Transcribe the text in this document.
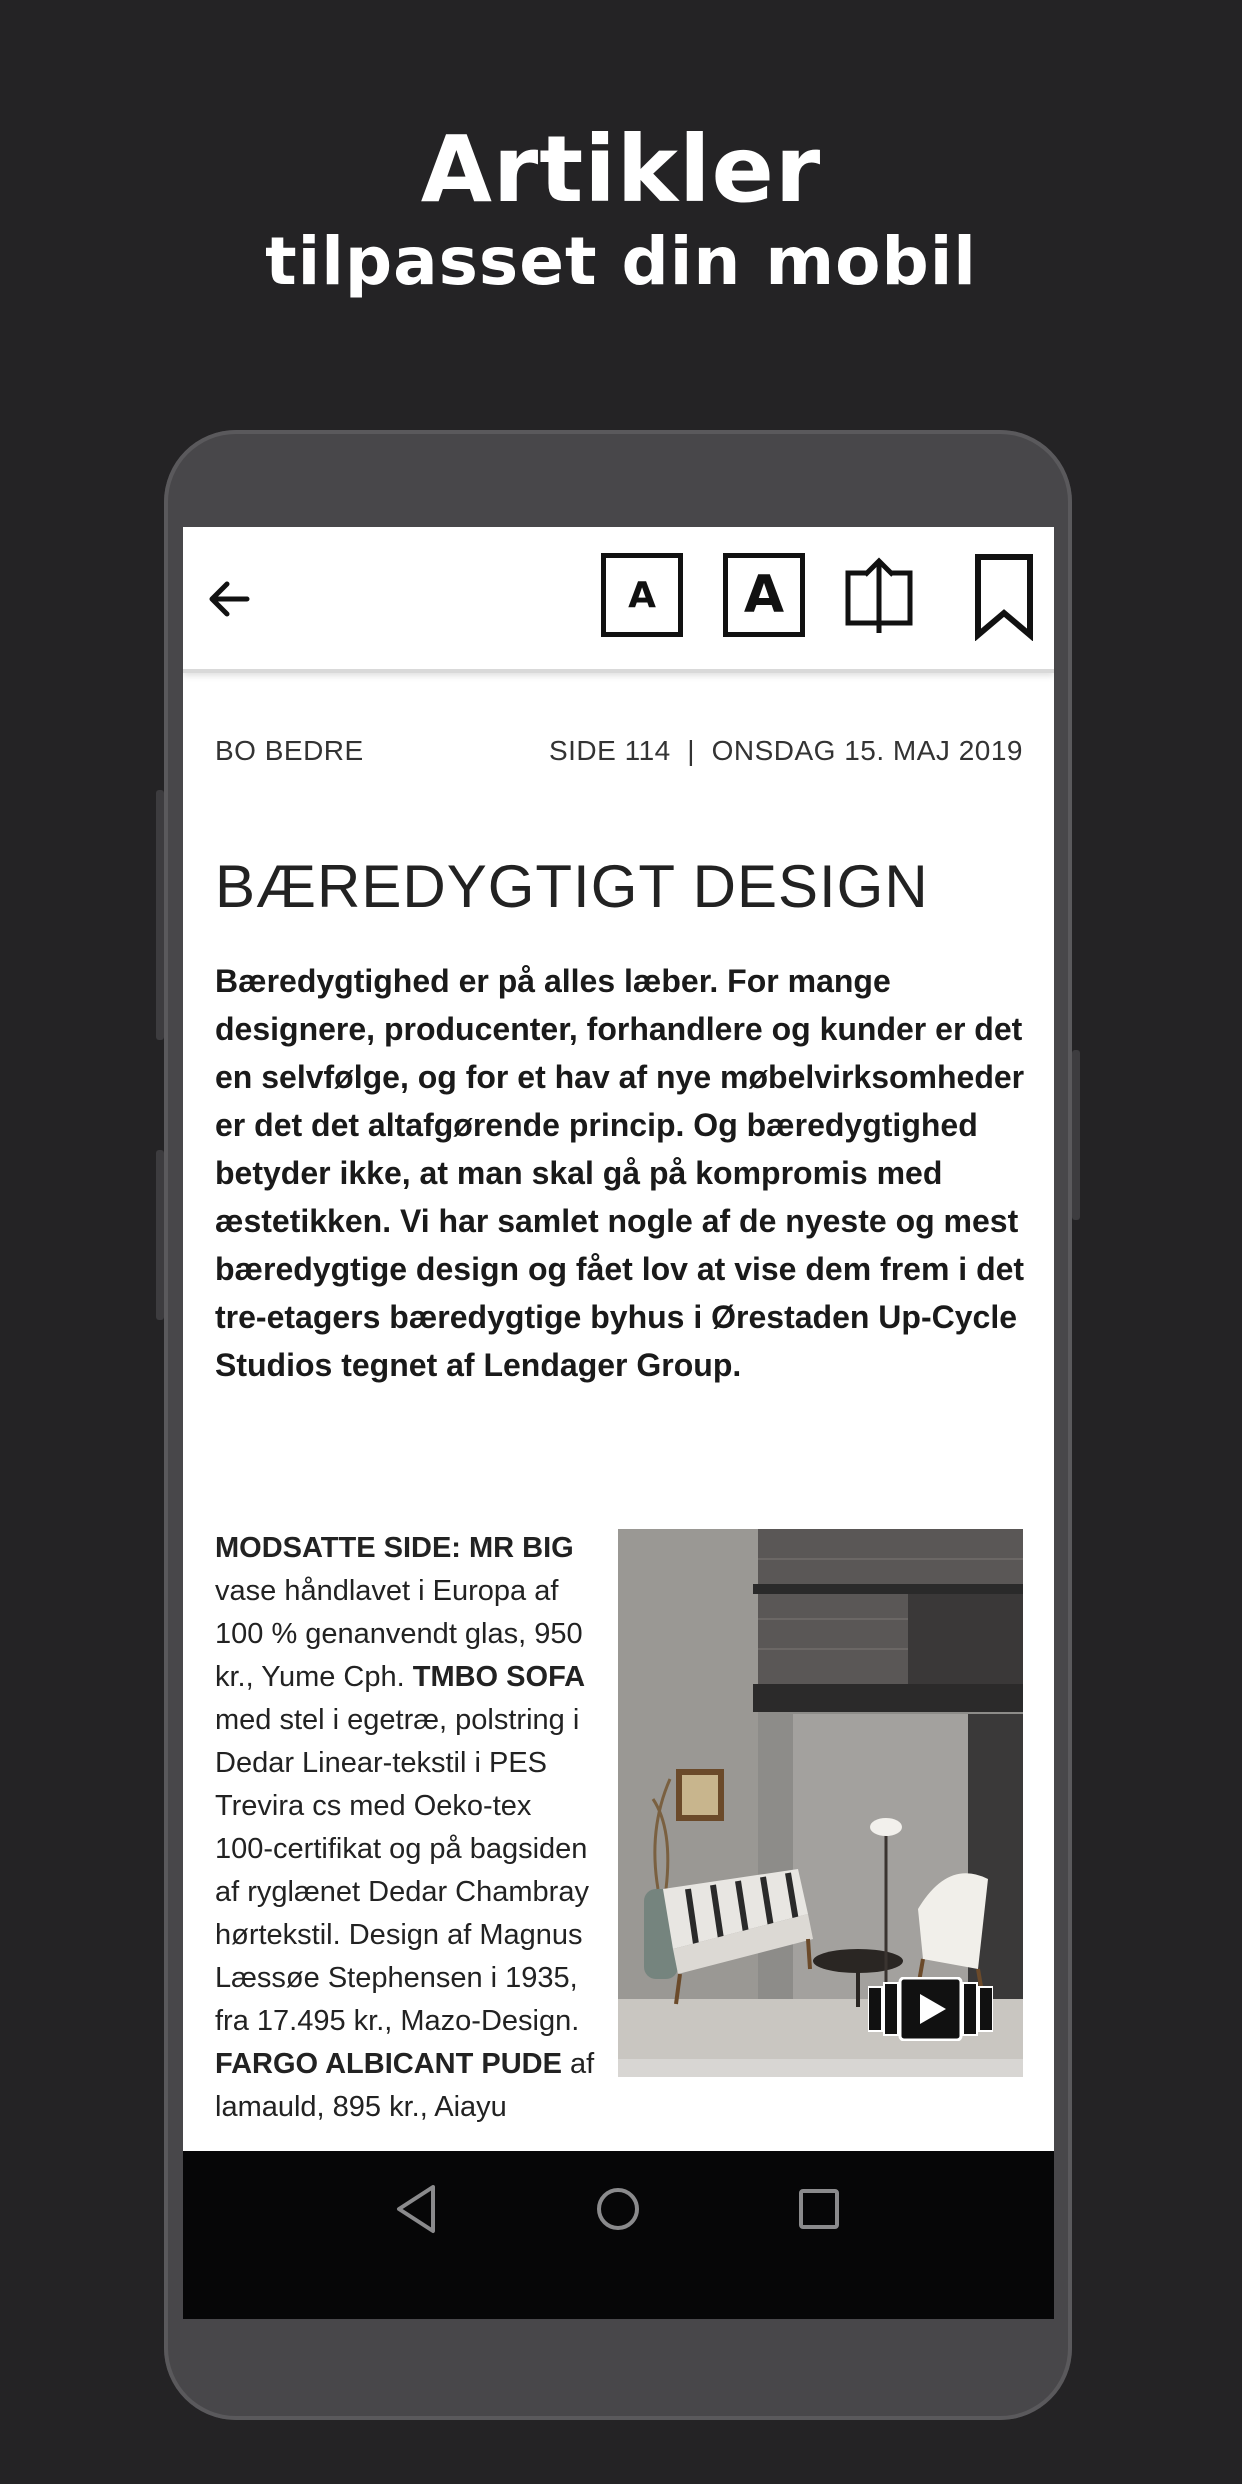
Artikler
tilpasset din mobil
A A
BO BEDRE	SIDE 114  |  ONSDAG 15. MAJ 2019
BÆREDYGTIGT DESIGN
Bæredygtighed er på alles læber. For mange designere, producenter, forhandlere og kunder er det en selvfølge, og for et hav af nye møbelvirksomheder er det det altafgørende princip. Og bæredygtighed betyder ikke, at man skal gå på kompromis med æstetikken. Vi har samlet nogle af de nyeste og mest bæredygtige design og fået lov at vise dem frem i det tre-etagers bæredygtige byhus i Ørestaden Up-Cycle Studios tegnet af Lendager Group.
MODSATTE SIDE: MR BIG vase håndlavet i Europa af 100 % genanvendt glas, 950 kr., Yume Cph. TMBO SOFA med stel i egetræ, polstring i Dedar Linear-tekstil i PES Trevira cs med Oeko-tex 100-certifikat og på bagsiden af ryglænet Dedar Chambray hørtekstil. Design af Magnus Læssøe Stephensen i 1935, fra 17.495 kr., Mazo-Design. FARGO ALBICANT PUDE af lamauld, 895 kr., Aiayu
